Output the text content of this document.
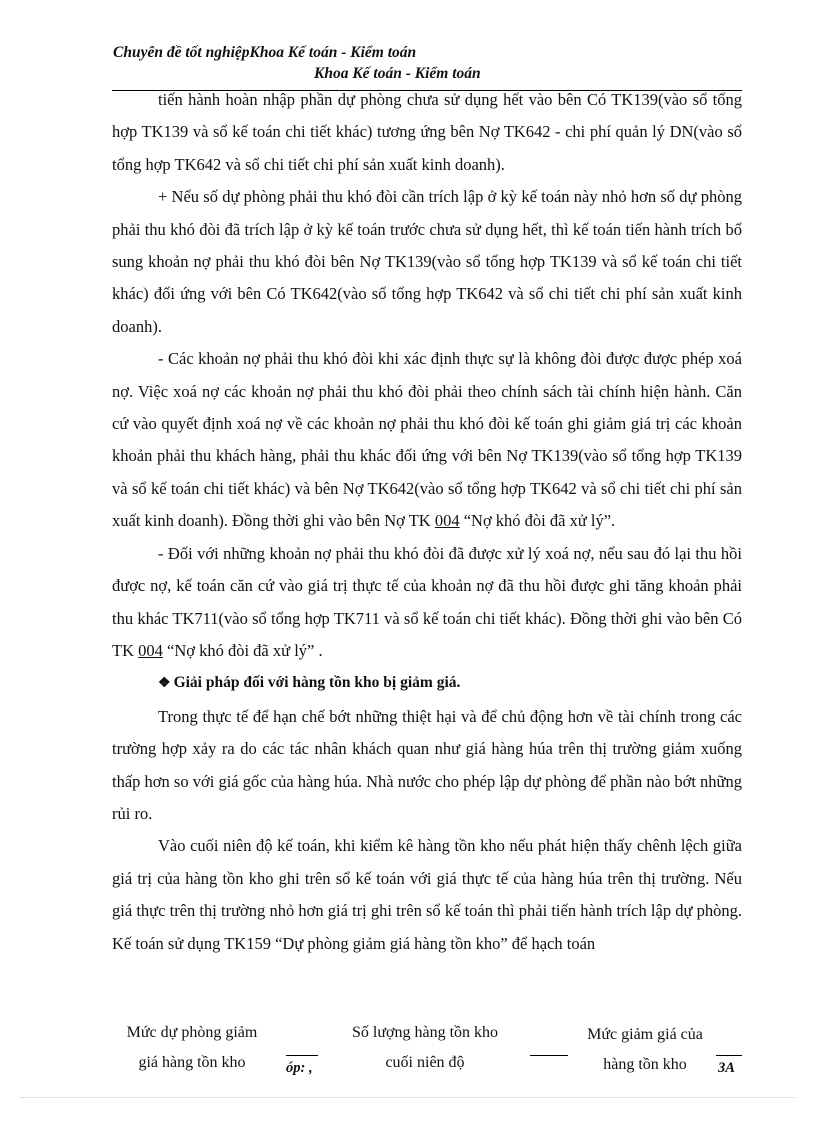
Chuyên đề tốt nghiệpKhoa Kế toán - Kiểm toán
Khoa Kế toán - Kiểm toán

tiến hành hoàn nhập phần dự phòng chưa sử dụng hết vào bên Có TK139(vào sổ tổng hợp TK139 và sổ kế toán chi tiết khác) tương ứng bên Nợ TK642 - chi phí quản lý DN(vào sổ tổng hợp TK642 và sổ chi tiết chi phí sản xuất kinh doanh).

+ Nếu số dự phòng phải thu khó đòi cần trích lập ở kỳ kế toán này nhỏ hơn số dự phòng phải thu khó đòi đã trích lập ở kỳ kế toán trước chưa sử dụng hết, thì kế toán tiến hành trích bổ sung khoản nợ phải thu khó đòi bên Nợ TK139(vào sổ tổng hợp TK139 và sổ kế toán chi tiết khác) đối ứng với bên Có TK642(vào sổ tổng hợp TK642 và sổ chi tiết chi phí sản xuất kinh doanh).

- Các khoản nợ phải thu khó đòi khi xác định thực sự là không đòi được được phép xoá nợ. Việc xoá nợ các khoản nợ phải thu khó đòi phải theo chính sách tài chính hiện hành. Căn cứ vào quyết định xoá nợ về các khoản nợ phải thu khó đòi kế toán ghi giảm giá trị các khoản khoản phải thu khách hàng, phải thu khác đối ứng với bên Nợ TK139(vào sổ tổng hợp TK139 và sổ kế toán chi tiết khác) và bên Nợ TK642(vào sổ tổng hợp TK642 và sổ chi tiết chi phí sản xuất kinh doanh). Đồng thời ghi vào bên Nợ TK 004 “Nợ khó đòi đã xử lý”.

- Đối với những khoản nợ phải thu khó đòi đã được xử lý xoá nợ, nếu sau đó lại thu hồi được nợ, kế toán căn cứ vào giá trị thực tế của khoản nợ đã thu hồi được ghi tăng khoản phải thu khác TK711(vào sổ tổng hợp TK711 và sổ kế toán chi tiết khác). Đồng thời ghi vào bên Có TK 004 “Nợ khó đòi đã xử lý” .

❖ Giải pháp đối với hàng tồn kho bị giảm giá.

Trong thực tế để hạn chế bớt những thiệt hại và để chủ động hơn về tài chính trong các trường hợp xảy ra do các tác nhân khách quan như giá hàng húa trên thị trường giảm xuống thấp hơn so với giá gốc của hàng húa. Nhà nước cho phép lập dự phòng để phần nào bớt những rủi ro.

Vào cuối niên độ kế toán, khi kiểm kê hàng tồn kho nếu phát hiện thấy chênh lệch giữa giá trị của hàng tồn kho ghi trên sổ kế toán với giá thực tế của hàng húa trên thị trường. Nếu giá thực trên thị trường nhỏ hơn giá trị ghi trên sổ kế toán thì phải tiến hành trích lập dự phòng. Kế toán sử dụng TK159 “Dự phòng giảm giá hàng tồn kho” để hạch toán

Mức dự phòng giảm
giá hàng tồn kho	óp: ,
Số lượng hàng tồn kho
cuối niên độ
Mức giảm giá của
hàng tồn kho	3A
